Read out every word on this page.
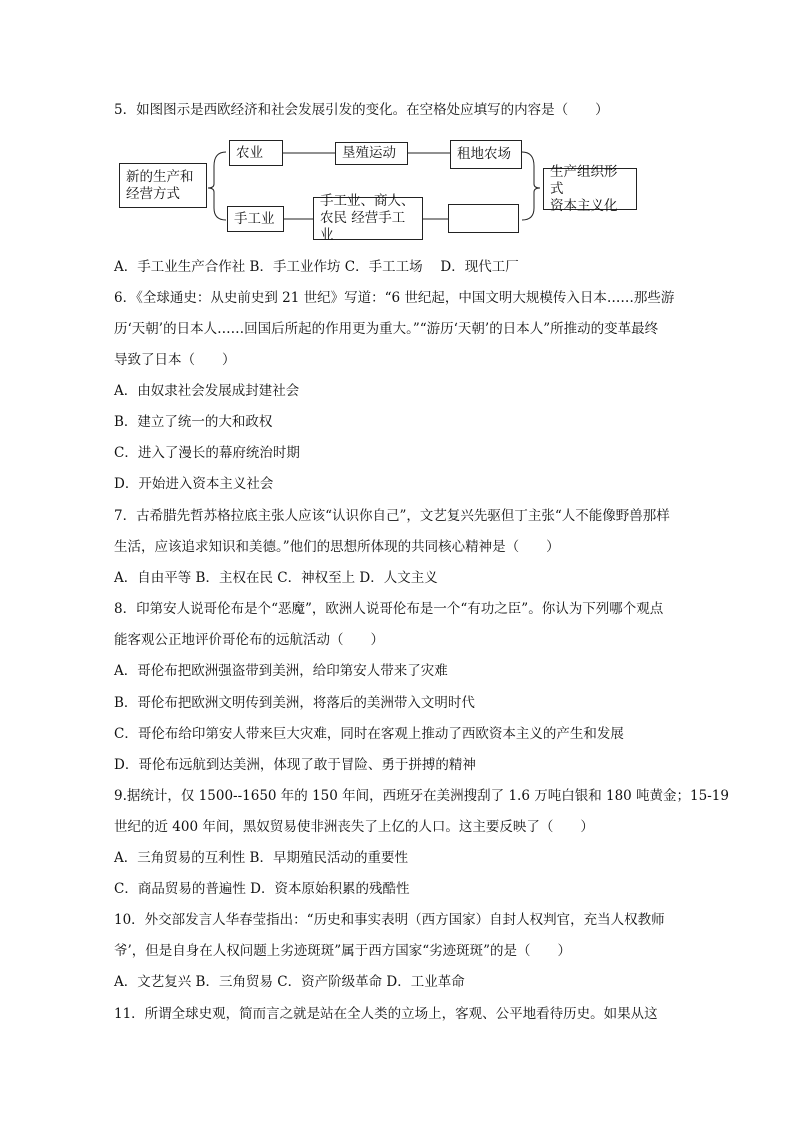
5．如图图示是西欧经济和社会发展引发的变化。在空格处应填写的内容是（　　）
新的生产和
经营方式
农业	垦殖运动	租地农场
手工业
手工业、商人、
农民 经营手工业
生产组织形式
资本主义化
A．手工业生产合作社 B．手工业作坊 C．手工工场　 D．现代工厂
6．《全球通史：从史前史到 21 世纪》写道：“6 世纪起，中国文明大规模传入日本……那些游
历‘天朝’的日本人……回国后所起的作用更为重大。”“游历‘天朝’的日本人”所推动的变革最终
导致了日本（　　）
A．由奴隶社会发展成封建社会
B．建立了统一的大和政权
C．进入了漫长的幕府统治时期
D．开始进入资本主义社会
7．古希腊先哲苏格拉底主张人应该“认识你自己”，文艺复兴先驱但丁主张“人不能像野兽那样
生活，应该追求知识和美德。”他们的思想所体现的共同核心精神是（　　）
A．自由平等 B．主权在民 C．神权至上 D．人文主义
8．印第安人说哥伦布是个“恶魔”，欧洲人说哥伦布是一个“有功之臣”。你认为下列哪个观点
能客观公正地评价哥伦布的远航活动（　　）
A．哥伦布把欧洲强盗带到美洲，给印第安人带来了灾难
B．哥伦布把欧洲文明传到美洲，将落后的美洲带入文明时代
C．哥伦布给印第安人带来巨大灾难，同时在客观上推动了西欧资本主义的产生和发展
D．哥伦布远航到达美洲，体现了敢于冒险、勇于拼搏的精神
9.据统计，仅 1500--1650 年的 150 年间，西班牙在美洲搜刮了 1.6 万吨白银和 180 吨黄金；15-19
世纪的近 400 年间，黑奴贸易使非洲丧失了上亿的人口。这主要反映了（　　）
A．三角贸易的互利性 B．早期殖民活动的重要性
C．商品贸易的普遍性 D．资本原始积累的残酷性
10．外交部发言人华春莹指出：“历史和事实表明（西方国家）自封人权判官，充当人权教师
爷’，但是自身在人权问题上劣迹斑斑”属于西方国家“劣迹斑斑”的是（　　）
A．文艺复兴 B．三角贸易 C．资产阶级革命 D．工业革命
11．所谓全球史观，简而言之就是站在全人类的立场上，客观、公平地看待历史。如果从这
